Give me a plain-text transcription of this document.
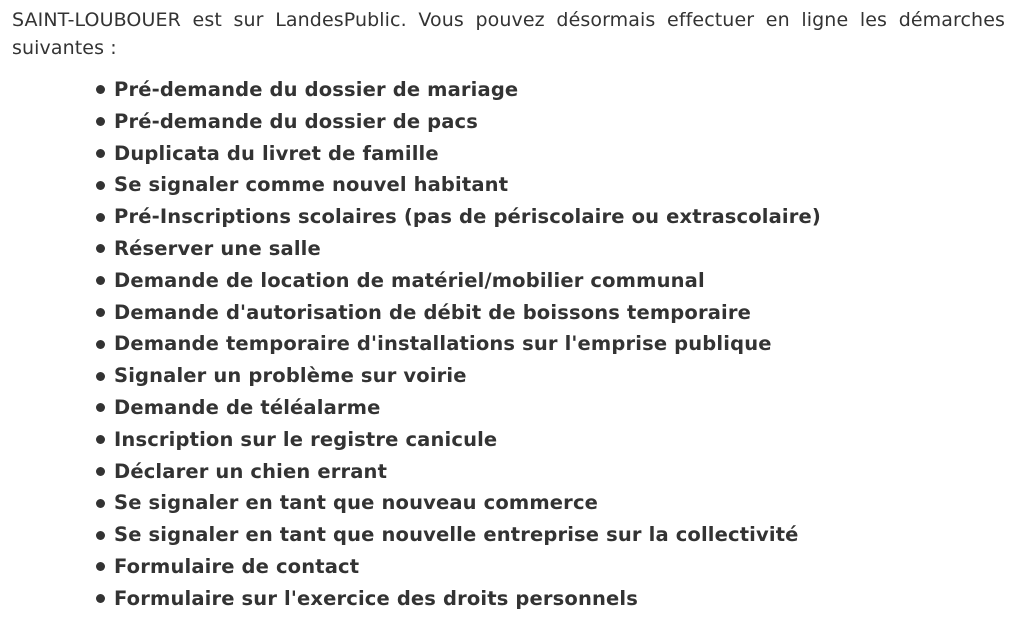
SAINT-LOUBOUER est sur LandesPublic. Vous pouvez désormais effectuer en ligne les démarches suivantes :

Pré-demande du dossier de mariage
Pré-demande du dossier de pacs
Duplicata du livret de famille
Se signaler comme nouvel habitant
Pré-Inscriptions scolaires (pas de périscolaire ou extrascolaire)
Réserver une salle
Demande de location de matériel/mobilier communal
Demande d'autorisation de débit de boissons temporaire
Demande temporaire d'installations sur l'emprise publique
Signaler un problème sur voirie
Demande de téléalarme
Inscription sur le registre canicule
Déclarer un chien errant
Se signaler en tant que nouveau commerce
Se signaler en tant que nouvelle entreprise sur la collectivité
Formulaire de contact
Formulaire sur l'exercice des droits personnels
